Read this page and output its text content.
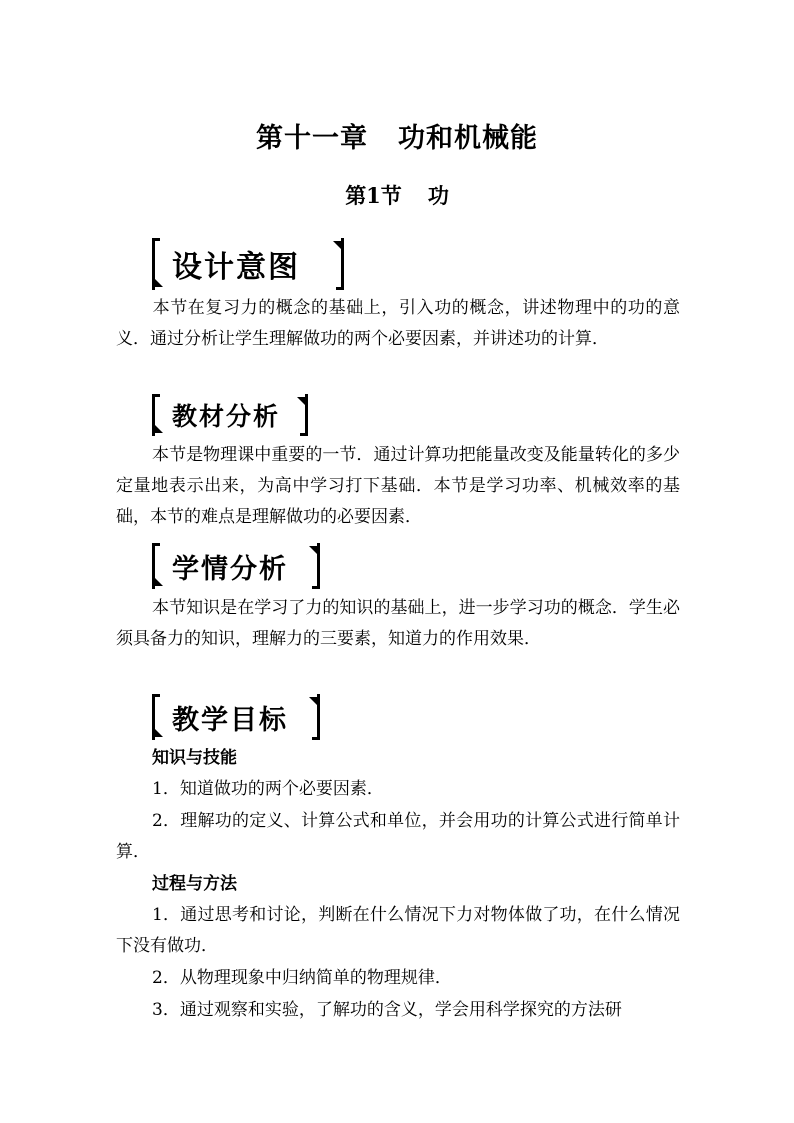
第十一章 功和机械能
第1节 功
设计意图

本节在复习力的概念的基础上，引入功的概念，讲述物理中的功的意义．通过分析让学生理解做功的两个必要因素，并讲述功的计算．

教材分析

本节是物理课中重要的一节．通过计算功把能量改变及能量转化的多少定量地表示出来，为高中学习打下基础．本节是学习功率、机械效率的基础，本节的难点是理解做功的必要因素．

学情分析

本节知识是在学习了力的知识的基础上，进一步学习功的概念．学生必须具备力的知识，理解力的三要素，知道力的作用效果．

教学目标
知识与技能

1．知道做功的两个必要因素．

2．理解功的定义、计算公式和单位，并会用功的计算公式进行简单计算．

过程与方法

1．通过思考和讨论，判断在什么情况下力对物体做了功，在什么情况下没有做功．

2．从物理现象中归纳简单的物理规律．

3．通过观察和实验，了解功的含义，学会用科学探究的方法研
